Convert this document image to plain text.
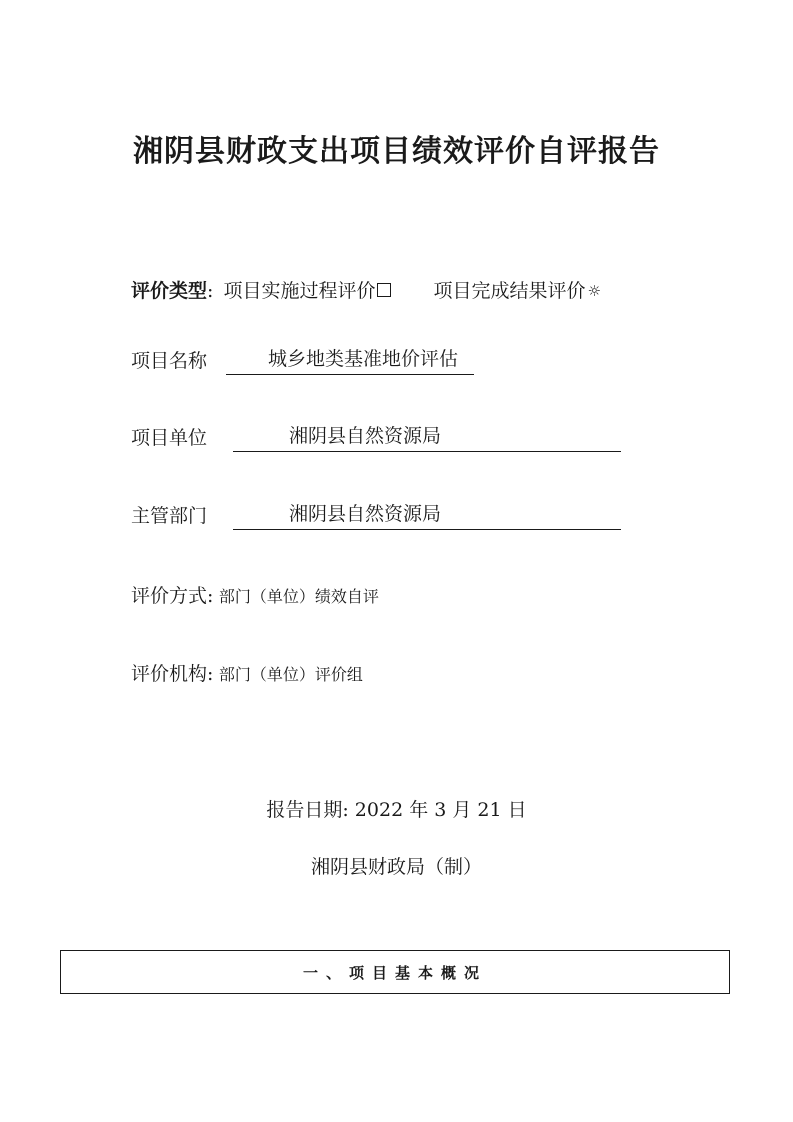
湘阴县财政支出项目绩效评价自评报告
评价类型: 项目实施过程评价	项目完成结果评价 ☼
项目名称	城乡地类基准地价评估
项目单位	湘阴县自然资源局
主管部门	湘阴县自然资源局
评价方式: 部门（单位）绩效自评
评价机构: 部门（单位）评价组
报告日期: 2022 年 3 月 21 日
湘阴县财政局（制）
一、项目基本概况
